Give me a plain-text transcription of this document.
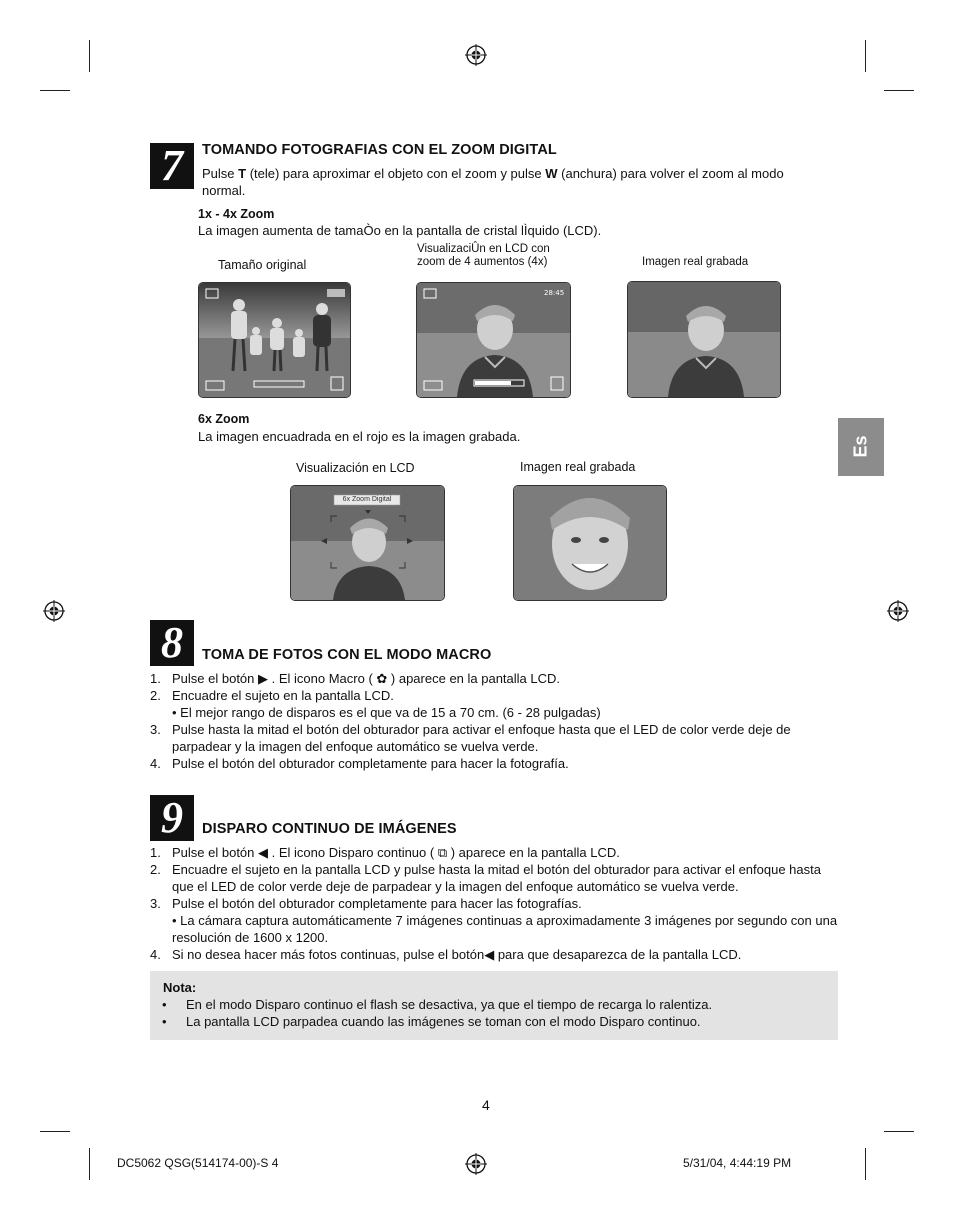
7	TOMANDO FOTOGRAFIAS CON EL ZOOM DIGITAL
Pulse T (tele) para aproximar el objeto con el zoom y pulse W (anchura) para volver el zoom al modo
normal.
1x - 4x Zoom
La imagen aumenta de tamaÒo en la pantalla de cristal lÌquido (LCD).
Tamaño original
VisualizaciÛn en LCD con
zoom de 4 aumentos (4x)	Imagen real grabada
28:45
6x Zoom
La imagen encuadrada en el rojo es la imagen grabada.
Visualización en LCD	Imagen real grabada
6x Zoom Digital
Es
8	TOMA DE FOTOS CON EL MODO MACRO
1. Pulse el botón ▶ . El icono Macro ( ✿ ) aparece en la pantalla LCD.
2. Encuadre el sujeto en la pantalla LCD.
• El mejor rango de disparos es el que va de 15 a 70 cm. (6 - 28 pulgadas)
3. Pulse hasta la mitad el botón del obturador para activar el enfoque hasta que el LED de color verde deje de parpadear y la imagen del enfoque automático se vuelva verde.
4. Pulse el botón del obturador completamente para hacer la fotografía.
9	DISPARO CONTINUO DE IMÁGENES
1. Pulse el botón ◀ . El icono Disparo continuo ( ⧉ ) aparece en la pantalla LCD.
2. Encuadre el sujeto en la pantalla LCD y pulse hasta la mitad el botón del obturador para activar el enfoque hasta que el LED de color verde deje de parpadear y la imagen del enfoque automático se vuelva verde.
3. Pulse el botón del obturador completamente para hacer las fotografías.
• La cámara captura automáticamente 7 imágenes continuas a aproximadamente 3 imágenes por segundo con una resolución de 1600 x 1200.
4. Si no desea hacer más fotos continuas, pulse el botón◀ para que desaparezca de la pantalla LCD.
Nota:
• En el modo Disparo continuo el flash se desactiva, ya que el tiempo de recarga lo ralentiza.
• La pantalla LCD parpadea cuando las imágenes se toman con el modo Disparo continuo.
4
DC5062 QSG(514174-00)-S 4	5/31/04, 4:44:19 PM
